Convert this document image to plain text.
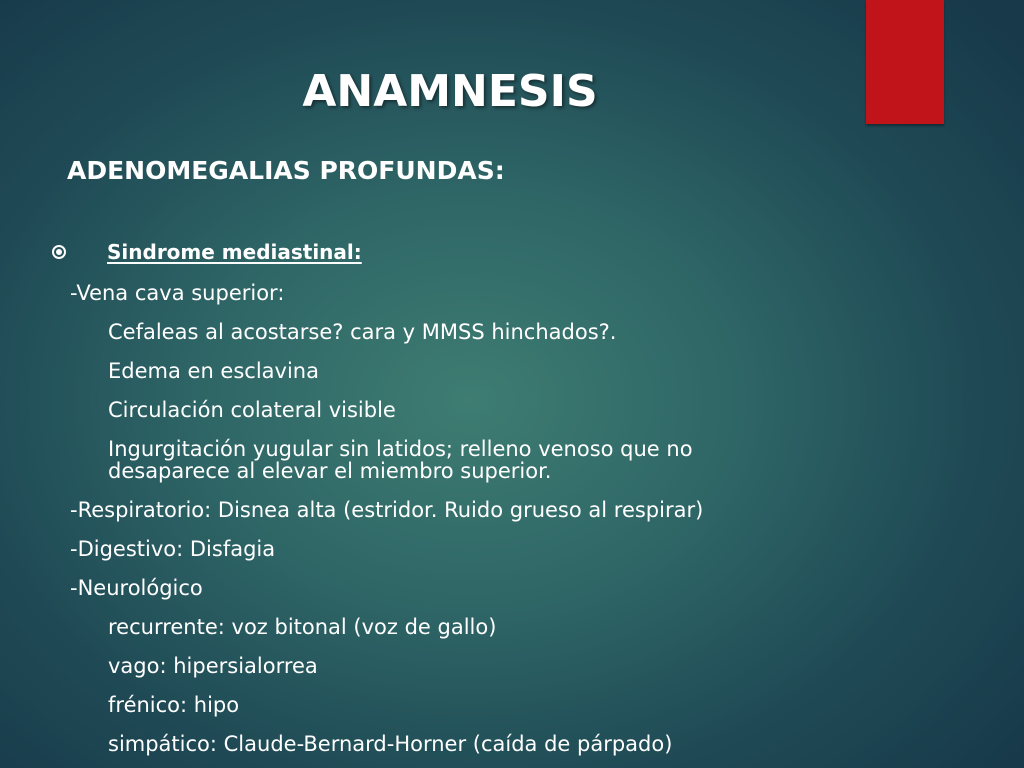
ANAMNESIS
ADENOMEGALIAS PROFUNDAS:
Sindrome mediastinal:
-Vena cava superior:
Cefaleas al acostarse? cara y MMSS hinchados?.
Edema en esclavina
Circulación colateral visible
Ingurgitación yugular sin latidos; relleno venoso que no
desaparece al elevar el miembro superior.
-Respiratorio: Disnea alta (estridor. Ruido grueso al respirar)
-Digestivo: Disfagia
-Neurológico
recurrente: voz bitonal (voz de gallo)
vago: hipersialorrea
frénico: hipo
simpático: Claude-Bernard-Horner (caída de párpado)
